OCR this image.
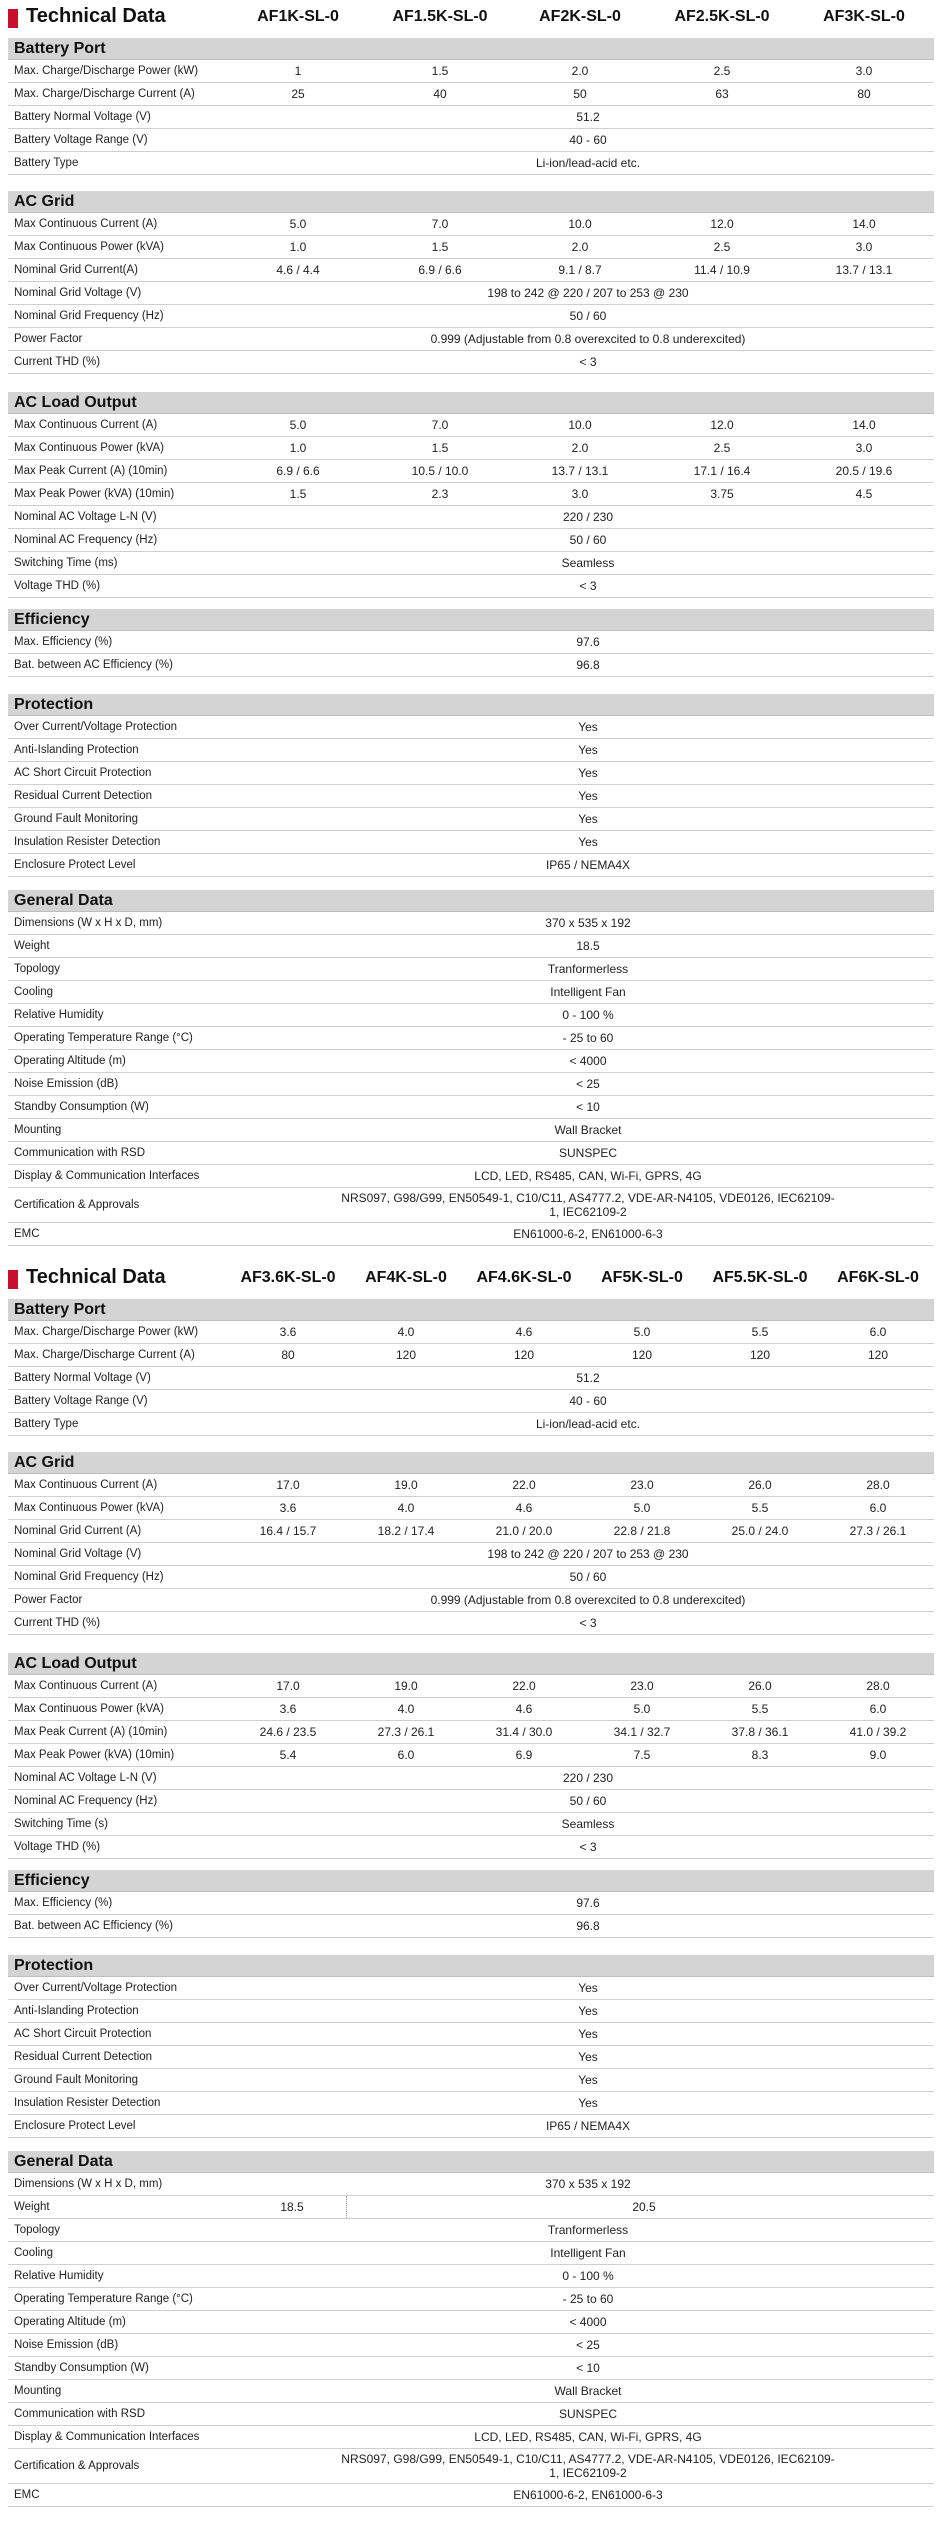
Technical Data	AF1K-SL-0	AF1.5K-SL-0	AF2K-SL-0	AF2.5K-SL-0	AF3K-SL-0
Battery Port
Max. Charge/Discharge Power (kW)	1	1.5	2.0	2.5	3.0
Max. Charge/Discharge Current (A)	25	40	50	63	80
Battery Normal Voltage (V)	51.2
Battery Voltage Range (V)	40 - 60
Battery Type	Li-ion/lead-acid etc.
AC Grid
Max Continuous Current (A)	5.0	7.0	10.0	12.0	14.0
Max Continuous Power (kVA)	1.0	1.5	2.0	2.5	3.0
Nominal Grid Current(A)	4.6 / 4.4	6.9 / 6.6	9.1 / 8.7	11.4 / 10.9	13.7 / 13.1
Nominal Grid Voltage (V)	198 to 242 @ 220 / 207 to 253 @ 230
Nominal Grid Frequency (Hz)	50 / 60
Power Factor	0.999 (Adjustable from 0.8 overexcited to 0.8 underexcited)
Current THD (%)	< 3
AC Load Output
Max Continuous Current (A)	5.0	7.0	10.0	12.0	14.0
Max Continuous Power (kVA)	1.0	1.5	2.0	2.5	3.0
Max Peak Current (A) (10min)	6.9 / 6.6	10.5 / 10.0	13.7 / 13.1	17.1 / 16.4	20.5 / 19.6
Max Peak Power (kVA) (10min)	1.5	2.3	3.0	3.75	4.5
Nominal AC Voltage L-N (V)	220 / 230
Nominal AC Frequency (Hz)	50 / 60
Switching Time (ms)	Seamless
Voltage THD (%)	< 3
Efficiency
Max. Efficiency (%)	97.6
Bat. between AC Efficiency (%)	96.8
Protection
Over Current/Voltage Protection	Yes
Anti-Islanding Protection	Yes
AC Short Circuit Protection	Yes
Residual Current Detection	Yes
Ground Fault Monitoring	Yes
Insulation Resister Detection	Yes
Enclosure Protect Level	IP65 / NEMA4X
General Data
Dimensions (W x H x D, mm)	370 x 535 x 192
Weight	18.5
Topology	Tranformerless
Cooling	Intelligent Fan
Relative Humidity	0 - 100 %
Operating Temperature Range (°C)	- 25 to 60
Operating Altitude (m)	< 4000
Noise Emission (dB)	< 25
Standby Consumption (W)	< 10
Mounting	Wall Bracket
Communication with RSD	SUNSPEC
Display & Communication Interfaces	LCD, LED, RS485, CAN, Wi-Fi, GPRS, 4G
Certification & Approvals	NRS097, G98/G99, EN50549-1, C10/C11, AS4777.2, VDE-AR-N4105, VDE0126, IEC62109-1, IEC62109-2
EMC	EN61000-6-2, EN61000-6-3
Technical Data	AF3.6K-SL-0	AF4K-SL-0	AF4.6K-SL-0	AF5K-SL-0	AF5.5K-SL-0	AF6K-SL-0
Battery Port
Max. Charge/Discharge Power (kW)	3.6	4.0	4.6	5.0	5.5	6.0
Max. Charge/Discharge Current (A)	80	120	120	120	120	120
Battery Normal Voltage (V)	51.2
Battery Voltage Range (V)	40 - 60
Battery Type	Li-ion/lead-acid etc.
AC Grid
Max Continuous Current (A)	17.0	19.0	22.0	23.0	26.0	28.0
Max Continuous Power (kVA)	3.6	4.0	4.6	5.0	5.5	6.0
Nominal Grid Current (A)	16.4 / 15.7	18.2 / 17.4	21.0 / 20.0	22.8 / 21.8	25.0 / 24.0	27.3 / 26.1
Nominal Grid Voltage (V)	198 to 242 @ 220 / 207 to 253 @ 230
Nominal Grid Frequency (Hz)	50 / 60
Power Factor	0.999 (Adjustable from 0.8 overexcited to 0.8 underexcited)
Current THD (%)	< 3
AC Load Output
Max Continuous Current (A)	17.0	19.0	22.0	23.0	26.0	28.0
Max Continuous Power (kVA)	3.6	4.0	4.6	5.0	5.5	6.0
Max Peak Current (A) (10min)	24.6 / 23.5	27.3 / 26.1	31.4 / 30.0	34.1 / 32.7	37.8 / 36.1	41.0 / 39.2
Max Peak Power (kVA) (10min)	5.4	6.0	6.9	7.5	8.3	9.0
Nominal AC Voltage L-N (V)	220 / 230
Nominal AC Frequency (Hz)	50 / 60
Switching Time (s)	Seamless
Voltage THD (%)	< 3
Efficiency
Max. Efficiency (%)	97.6
Bat. between AC Efficiency (%)	96.8
Protection
Over Current/Voltage Protection	Yes
Anti-Islanding Protection	Yes
AC Short Circuit Protection	Yes
Residual Current Detection	Yes
Ground Fault Monitoring	Yes
Insulation Resister Detection	Yes
Enclosure Protect Level	IP65 / NEMA4X
General Data
Dimensions (W x H x D, mm)	370 x 535 x 192
Weight	18.5	20.5
Topology	Tranformerless
Cooling	Intelligent Fan
Relative Humidity	0 - 100 %
Operating Temperature Range (°C)	- 25 to 60
Operating Altitude (m)	< 4000
Noise Emission (dB)	< 25
Standby Consumption (W)	< 10
Mounting	Wall Bracket
Communication with RSD	SUNSPEC
Display & Communication Interfaces	LCD, LED, RS485, CAN, Wi-Fi, GPRS, 4G
Certification & Approvals	NRS097, G98/G99, EN50549-1, C10/C11, AS4777.2, VDE-AR-N4105, VDE0126, IEC62109-1, IEC62109-2
EMC	EN61000-6-2, EN61000-6-3
